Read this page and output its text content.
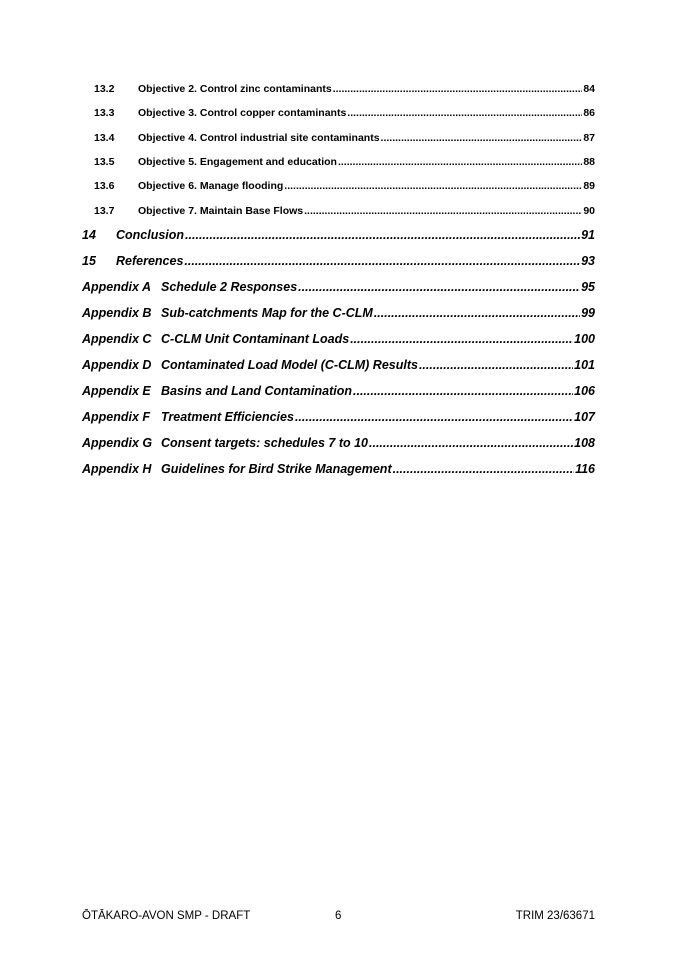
13.2	Objective 2. Control zinc contaminants .....	84
13.3	Objective 3. Control copper contaminants .....	86
13.4	Objective 4. Control industrial site contaminants .....	87
13.5	Objective 5. Engagement and education .....	88
13.6	Objective 6. Manage flooding .....	89
13.7	Objective 7. Maintain Base Flows .....	90
14	Conclusion .....	91
15	References .....	93
Appendix A Schedule 2 Responses .....	95
Appendix B Sub-catchments Map for the C-CLM .....	99
Appendix C C-CLM Unit Contaminant Loads .....	100
Appendix D Contaminated Load Model (C-CLM) Results .....	101
Appendix E Basins and Land Contamination .....	106
Appendix F Treatment Efficiencies .....	107
Appendix G Consent targets: schedules 7 to 10 .....	108
Appendix H Guidelines for Bird Strike Management .....	116
ŌTĀKARO-AVON SMP - DRAFT	6	TRIM 23/63671
